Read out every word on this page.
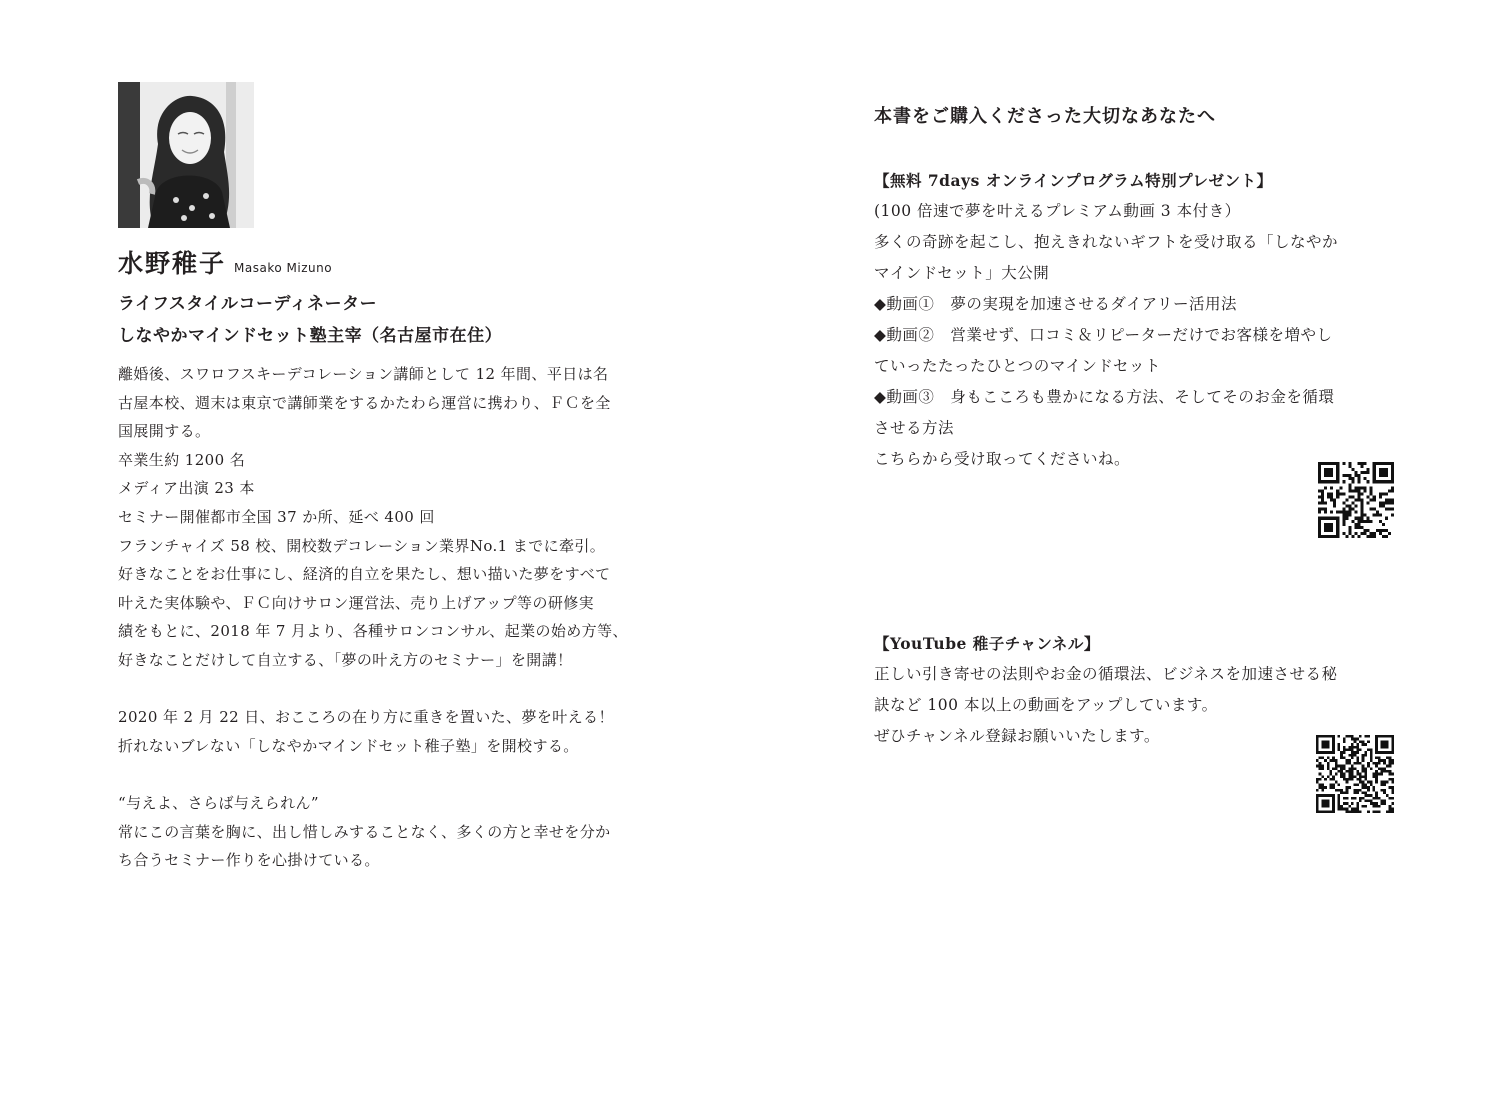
水野稚子 Masako Mizuno
ライフスタイルコーディネーター
しなやかマインドセット塾主宰（名古屋市在住）
離婚後、スワロフスキーデコレーション講師として 12 年間、平日は名
古屋本校、週末は東京で講師業をするかたわら運営に携わり、ＦＣを全
国展開する。
卒業生約 1200 名
メディア出演 23 本
セミナー開催都市全国 37 か所、延べ 400 回
フランチャイズ 58 校、開校数デコレーション業界No.1 までに牽引。
好きなことをお仕事にし、経済的自立を果たし、想い描いた夢をすべて
叶えた実体験や、ＦＣ向けサロン運営法、売り上げアップ等の研修実
績をもとに、2018 年 7 月より、各種サロンコンサル、起業の始め方等、
好きなことだけして自立する、「夢の叶え方のセミナー」を開講！
2020 年 2 月 22 日、おこころの在り方に重きを置いた、夢を叶える！
折れないブレない「しなやかマインドセット稚子塾」を開校する。
“与えよ、さらば与えられん”
常にこの言葉を胸に、出し惜しみすることなく、多くの方と幸せを分か
ち合うセミナー作りを心掛けている。
本書をご購入くださった大切なあなたへ
【無料 7days オンラインプログラム特別プレゼント】
(100 倍速で夢を叶えるプレミアム動画 3 本付き）
多くの奇跡を起こし、抱えきれないギフトを受け取る「しなやか
マインドセット」大公開
◆動画①　夢の実現を加速させるダイアリー活用法
◆動画②　営業せず、口コミ＆リピーターだけでお客様を増やし
ていったたったひとつのマインドセット
◆動画③　身もこころも豊かになる方法、そしてそのお金を循環
させる方法
こちらから受け取ってくださいね。
【YouTube 稚子チャンネル】
正しい引き寄せの法則やお金の循環法、ビジネスを加速させる秘
訣など 100 本以上の動画をアップしています。
ぜひチャンネル登録お願いいたします。
